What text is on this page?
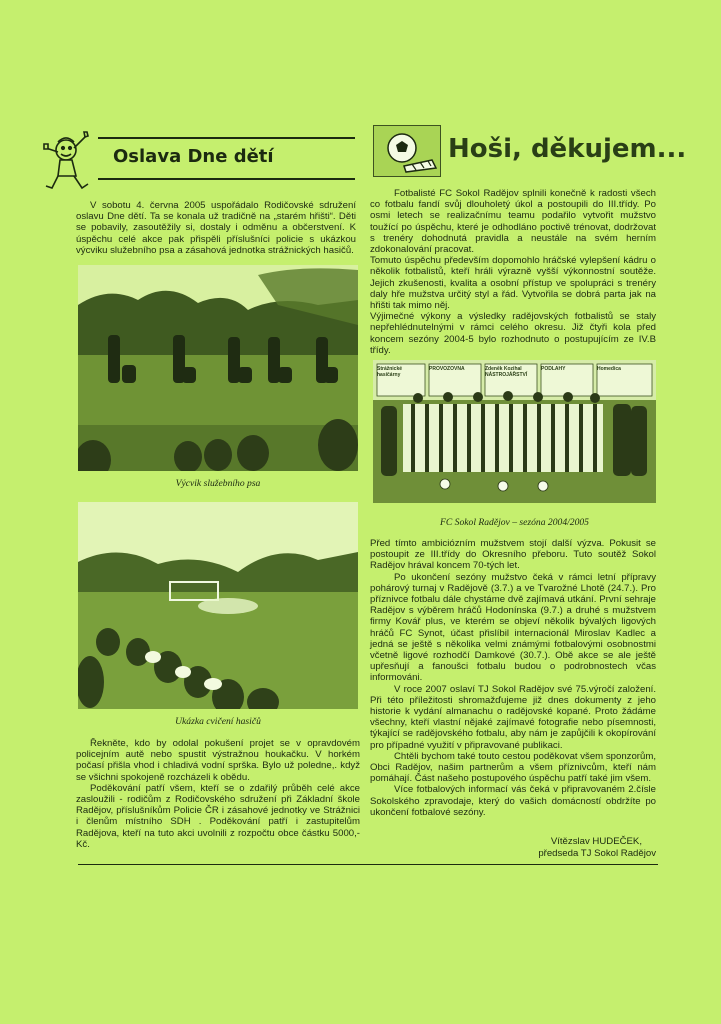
Oslava Dne dětí
V sobotu 4. června 2005 uspořádalo Rodičovské sdružení oslavu Dne dětí. Ta se konala už tradičně na „starém hřišti“. Děti se pobavily, zasoutěžily si, dostaly i odměnu a občerstvení. K úspěchu celé akce pak přispěli příslušníci policie s ukázkou výcviku služebního psa a zásahová jednotka strážnických hasičů.
Výcvik služebního psa
Ukázka cvičení hasičů

Řekněte, kdo by odolal pokušení projet se v opravdovém policejním autě nebo spustit výstražnou houkačku. V horkém počasí přišla vhod i chladivá vodní sprška. Bylo už poledne,. když se všichni spokojeně rozcházeli k obědu.

Poděkování patří všem, kteří se o zdařilý průběh celé akce zasloužili - rodičům z Rodičovského sdružení při Základní škole Radějov, příslušníkům Policie ČR i zásahové jednotky ve Strážnici i členům místního SDH . Poděkování patří i zastupitelům Radějova, kteří na tuto akci uvolnili z rozpočtu obce částku 5000,- Kč.

Hoši, děkujem...

Fotbalisté FC Sokol Radějov splnili konečně k radosti všech co fotbalu fandí svůj dlouholetý úkol a postoupili do III.třídy. Po osmi letech se realizačnímu teamu podařilo vytvořit mužstvo toužící po úspěchu, které je odhodláno poctivě trénovat, dodržovat s trenéry dohodnutá pravidla a neustále na svém herním zdokonalování pracovat.

Tomuto úspěchu především dopomohlo hráčské vylepšení kádru o několik fotbalistů, kteří hráli výrazně vyšší výkonnostní soutěže. Jejich zkušenosti, kvalita a osobní přístup ve spolupráci s trenéry daly hře mužstva určitý styl a řád. Vytvořila se dobrá parta jak na hřišti tak mimo něj.

Výjimečné výkony a výsledky radějovských fotbalistů se staly nepřehlédnutelnými v rámci celého okresu. Již čtyři kola před koncem sezóny 2004-5 bylo rozhodnuto o postupujícím ze IV.B třídy.

Strážnické hasičárny
PROVOZOVNA	Zdeněk Kozihal NÁSTROJÁŘSTVÍ
PODLAHY	Homedica
FC Sokol Radějov – sezóna 2004/2005

Před tímto ambiciózním mužstvem stojí další výzva. Pokusit se postoupit ze III.třídy do Okresního přeboru. Tuto soutěž Sokol Radějov hrával koncem 70-tých let.

Po ukončení sezóny mužstvo čeká v rámci letní přípravy pohárový turnaj v Radějově (3.7.) a ve Tvarožné Lhotě (24.7.). Pro příznivce fotbalu dále chystáme dvě zajímavá utkání. První sehraje Radějov s výběrem hráčů Hodonínska (9.7.) a druhé s mužstvem firmy Kovář plus, ve kterém se objeví několik bývalých ligových hráčů FC Synot, účast přislíbil internacionál Miroslav Kadlec a jedná se ještě s několika velmi známými fotbalovými osobnostmi včetně ligové rozhodčí Damkové (30.7.). Obě akce se ale ještě upřesňují a fanoušci fotbalu budou o podrobnostech včas informováni.

V roce 2007 oslaví TJ Sokol Radějov své 75.výročí založení. Při této příležitosti shromažďujeme již dnes dokumenty z jeho historie k vydání almanachu o radějovské kopané. Proto žádáme všechny, kteří vlastní nějaké zajímavé fotografie nebo písemnosti, týkající se radějovského fotbalu, aby nám je zapůjčili k okopírování pro případné využití v připravované publikaci.

Chtěli bychom také touto cestou poděkovat všem sponzorům, Obci Radějov, našim partnerům a všem příznivcům, kteří nám pomáhají. Část našeho postupového úspěchu patří také jim všem.

Více fotbalových informací vás čeká v připravovaném 2.čísle Sokolského zpravodaje, který do vašich domácností obdržíte po ukončení fotbalové sezóny.

Vítězslav HUDEČEK,
předseda TJ Sokol Radějov
